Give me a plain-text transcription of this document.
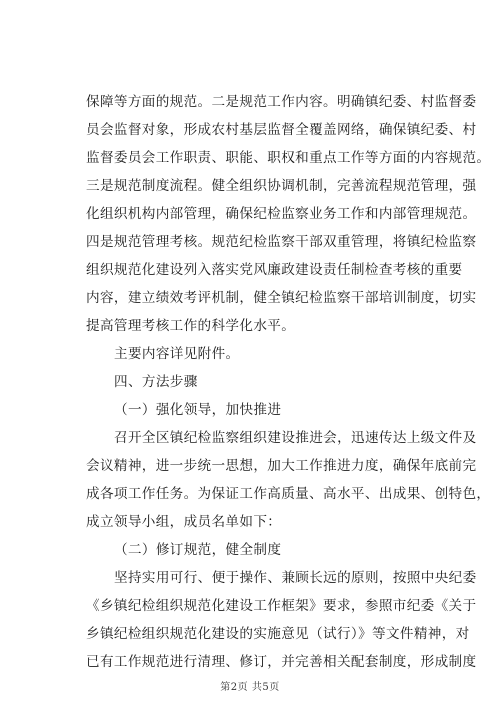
保障等方面的规范。二是规范工作内容。明确镇纪委、村监督委
员会监督对象，形成农村基层监督全覆盖网络，确保镇纪委、村
监督委员会工作职责、职能、职权和重点工作等方面的内容规范。
三是规范制度流程。健全组织协调机制，完善流程规范管理，强
化组织机构内部管理，确保纪检监察业务工作和内部管理规范。
四是规范管理考核。规范纪检监察干部双重管理，将镇纪检监察
组织规范化建设列入落实党风廉政建设责任制检查考核的重要
内容，建立绩效考评机制，健全镇纪检监察干部培训制度，切实
提高管理考核工作的科学化水平。
主要内容详见附件。
四、方法步骤
（一）强化领导，加快推进
召开全区镇纪检监察组织建设推进会，迅速传达上级文件及
会议精神，进一步统一思想，加大工作推进力度，确保年底前完
成各项工作任务。为保证工作高质量、高水平、出成果、创特色，
成立领导小组，成员名单如下：
（二）修订规范，健全制度
坚持实用可行、便于操作、兼顾长远的原则，按照中央纪委
《乡镇纪检组织规范化建设工作框架》要求，参照市纪委《关于
乡镇纪检组织规范化建设的实施意见（试行）》等文件精神，对
已有工作规范进行清理、修订，并完善相关配套制度，形成制度
第2页 共5页
